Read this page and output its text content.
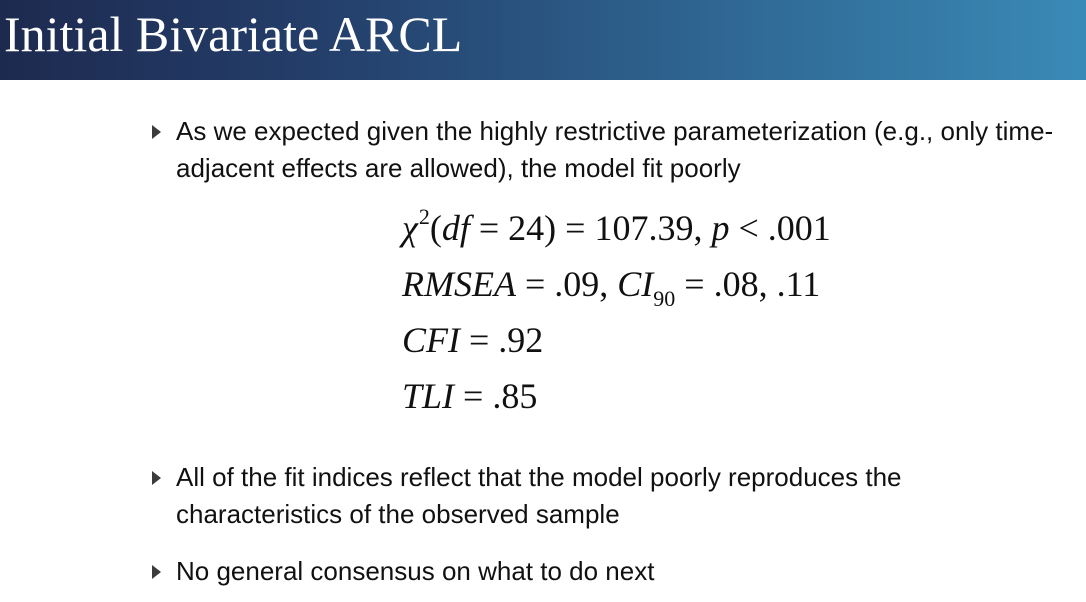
Initial Bivariate ARCL
As we expected given the highly restrictive parameterization (e.g., only time-adjacent effects are allowed), the model fit poorly
$\chi^2(df = 24) = 107.39$, p < .001
RMSEA = .09, $CI_{90} = .08$, .11
CFI = .92
TLI = .85
All of the fit indices reflect that the model poorly reproduces the characteristics of the observed sample
No general consensus on what to do next
